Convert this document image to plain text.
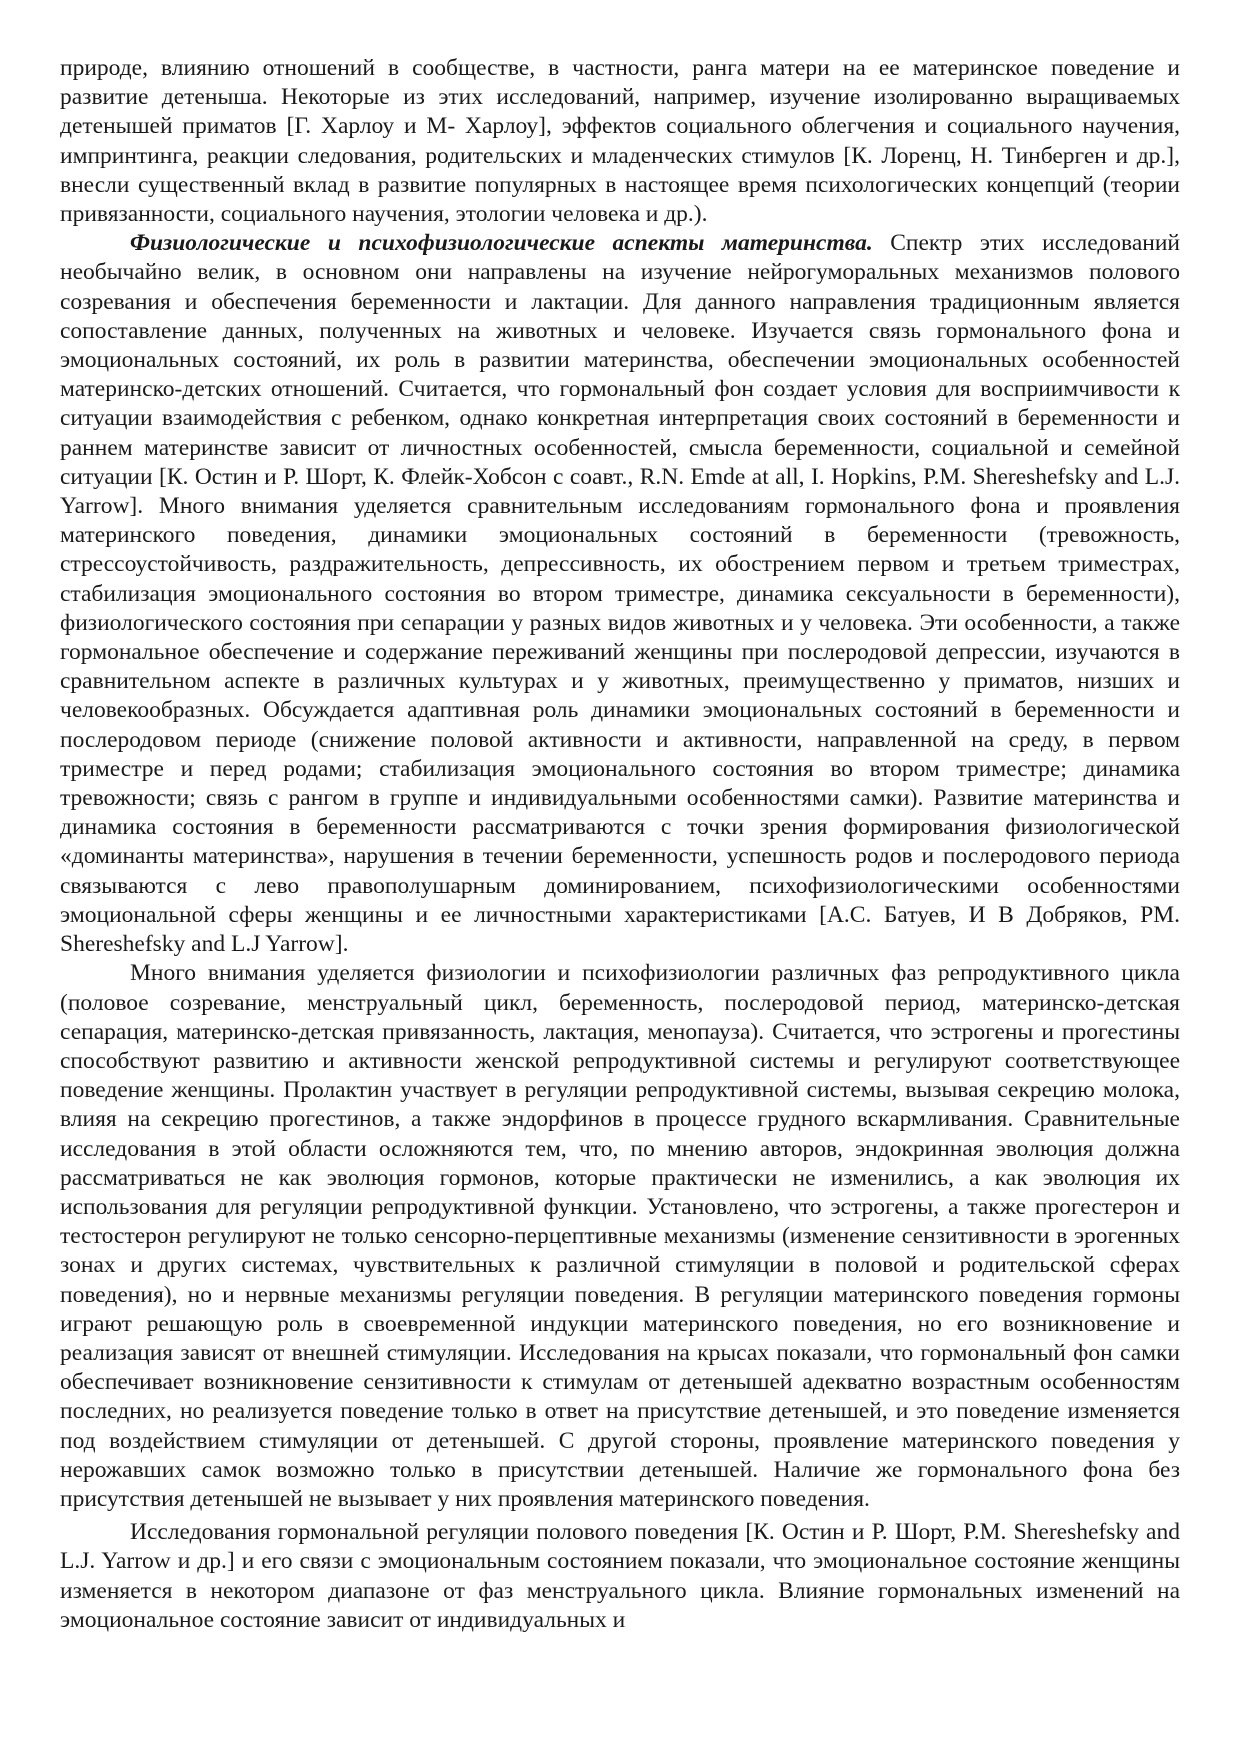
природе, влиянию отношений в сообществе, в частности, ранга матери на ее материнское поведение и развитие детеныша. Некоторые из этих исследований, например, изучение изолированно выращиваемых детенышей приматов [Г. Харлоу и М- Харлоу], эффектов социального облегчения и социального научения, импринтинга, реакции следования, родительских и младенческих стимулов [К. Лоренц, Н. Тинберген и др.], внесли существенный вклад в развитие популярных в настоящее время психологических концепций (теории привязанности, социального научения, этологии человека и др.).

Физиологические и психофизиологические аспекты материнства. Спектр этих исследований необычайно велик, в основном они направлены на изучение нейрогуморальных механизмов полового созревания и обеспечения беременности и лактации. Для данного направления традиционным является сопоставление данных, полученных на животных и человеке. Изучается связь гормонального фона и эмоциональных состояний, их роль в развитии материнства, обеспечении эмоциональных особенностей материнско-детских отношений. Считается, что гормональный фон создает условия для восприимчивости к ситуации взаимодействия с ребенком, однако конкретная интерпретация своих состояний в беременности и раннем материнстве зависит от личностных особенностей, смысла беременности, социальной и семейной ситуации [К. Остин и Р. Шорт, К. Флейк-Хобсон с соавт., R.N. Emde at all, I. Hopkins, P.M. Shereshefsky and L.J. Yarrow]. Много внимания уделяется сравнительным исследованиям гормонального фона и проявления материнского поведения, динамики эмоциональных состояний в беременности (тревожность, стрессоустойчивость, раздражительность, депрессивность, их обострением первом и третьем триместрах, стабилизация эмоционального состояния во втором триместре, динамика сексуальности в беременности), физиологического состояния при сепарации у разных видов животных и у человека. Эти особенности, а также гормональное обеспечение и содержание переживаний женщины при послеродовой депрессии, изучаются в сравнительном аспекте в различных культурах и у животных, преимущественно у приматов, низших и человекообразных. Обсуждается адаптивная роль динамики эмоциональных состояний в беременности и послеродовом периоде (снижение половой активности и активности, направленной на среду, в первом триместре и перед родами; стабилизация эмоционального состояния во втором триместре; динамика тревожности; связь с рангом в группе и индивидуальными особенностями самки). Развитие материнства и динамика состояния в беременности рассматриваются с точки зрения формирования физиологической «доминанты материнства», нарушения в течении беременности, успешность родов и послеродового периода связываются с лево правополушарным доминированием, психофизиологическими особенностями эмоциональной сферы женщины и ее личностными характеристиками [А.С. Батуев, И В Добряков, PM. Shereshefsky and L.J Yarrow].

Много внимания уделяется физиологии и психофизиологии различных фаз репродуктивного цикла (половое созревание, менструальный цикл, беременность, послеродовой период, материнско-детская сепарация, материнско-детская привязанность, лактация, менопауза). Считается, что эстрогены и прогестины способствуют развитию и активности женской репродуктивной системы и регулируют соответствующее поведение женщины. Пролактин участвует в регуляции репродуктивной системы, вызывая секрецию молока, влияя на секрецию прогестинов, а также эндорфинов в процессе грудного вскармливания. Сравнительные исследования в этой области осложняются тем, что, по мнению авторов, эндокринная эволюция должна рассматриваться не как эволюция гормонов, которые практически не изменились, а как эволюция их использования для регуляции репродуктивной функции. Установлено, что эстрогены, а также прогестерон и тестостерон регулируют не только сенсорно-перцептивные механизмы (изменение сензитивности в эрогенных зонах и других системах, чувствительных к различной стимуляции в половой и родительской сферах поведения), но и нервные механизмы регуляции поведения. В регуляции материнского поведения гормоны играют решающую роль в своевременной индукции материнского поведения, но его возникновение и реализация зависят от внешней стимуляции. Исследования на крысах показали, что гормональный фон самки обеспечивает возникновение сензитивности к стимулам от детенышей адекватно возрастным особенностям последних, но реализуется поведение только в ответ на присутствие детенышей, и это поведение изменяется под воздействием стимуляции от детенышей. С другой стороны, проявление материнского поведения у нерожавших самок возможно только в присутствии детенышей. Наличие же гормонального фона без присутствия детенышей не вызывает у них проявления материнского поведения.

Исследования гормональной регуляции полового поведения [К. Остин и Р. Шорт, P.M. Shereshefsky and L.J. Yarrow и др.] и его связи с эмоциональным состоянием показали, что эмоциональное состояние женщины изменяется в некотором диапазоне от фаз менструального цикла. Влияние гормональных изменений на эмоциональное состояние зависит от индивидуальных и
